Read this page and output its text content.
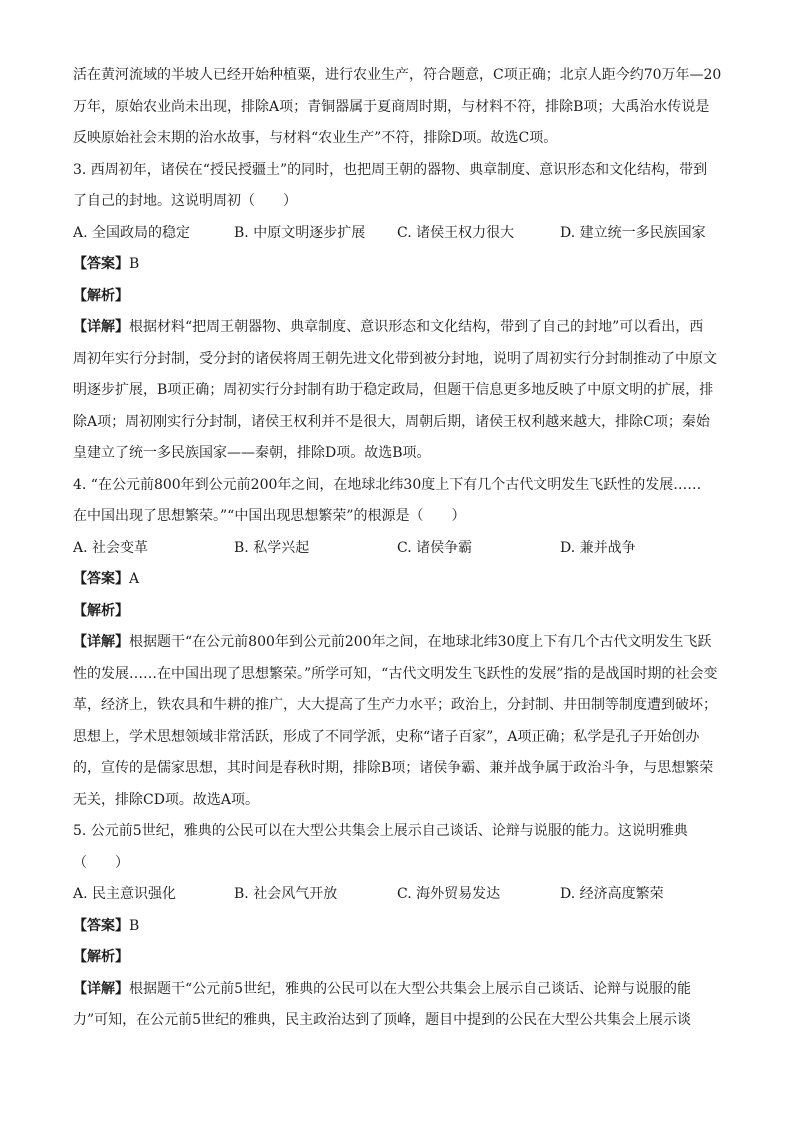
活在黄河流域的半坡人已经开始种植粟，进行农业生产，符合题意，C项正确；北京人距今约70万年—20

万年，原始农业尚未出现，排除A项；青铜器属于夏商周时期，与材料不符，排除B项；大禹治水传说是

反映原始社会末期的治水故事，与材料“农业生产”不符，排除D项。故选C项。

3. 西周初年，诸侯在“授民授疆土”的同时，也把周王朝的器物、典章制度、意识形态和文化结构，带到

了自己的封地。这说明周初（　　）

A. 全国政局的稳定	B. 中原文明逐步扩展	C. 诸侯王权力很大	D. 建立统一多民族国家
【答案】B
【解析】

【详解】根据材料“把周王朝器物、典章制度、意识形态和文化结构，带到了自己的封地”可以看出，西

周初年实行分封制，受分封的诸侯将周王朝先进文化带到被分封地，说明了周初实行分封制推动了中原文

明逐步扩展，B项正确；周初实行分封制有助于稳定政局，但题干信息更多地反映了中原文明的扩展，排

除A项；周初刚实行分封制，诸侯王权利并不是很大，周朝后期，诸侯王权利越来越大，排除C项；秦始

皇建立了统一多民族国家——秦朝，排除D项。故选B项。

4. “在公元前800年到公元前200年之间，在地球北纬30度上下有几个古代文明发生飞跃性的发展……

在中国出现了思想繁荣。”“中国出现思想繁荣”的根源是（　　）

A. 社会变革	B. 私学兴起	C. 诸侯争霸	D. 兼并战争
【答案】A
【解析】

【详解】根据题干“在公元前800年到公元前200年之间，在地球北纬30度上下有几个古代文明发生飞跃

性的发展……在中国出现了思想繁荣。”所学可知，“古代文明发生飞跃性的发展”指的是战国时期的社会变

革，经济上，铁农具和牛耕的推广，大大提高了生产力水平；政治上，分封制、井田制等制度遭到破坏；

思想上，学术思想领域非常活跃，形成了不同学派，史称“诸子百家”，A项正确；私学是孔子开始创办

的，宣传的是儒家思想，其时间是春秋时期，排除B项；诸侯争霸、兼并战争属于政治斗争，与思想繁荣

无关，排除CD项。故选A项。

5. 公元前5世纪，雅典的公民可以在大型公共集会上展示自己谈话、论辩与说服的能力。这说明雅典

（　　）

A. 民主意识强化	B. 社会风气开放	C. 海外贸易发达	D. 经济高度繁荣
【答案】B
【解析】

【详解】根据题干“公元前5世纪，雅典的公民可以在大型公共集会上展示自己谈话、论辩与说服的能

力”可知，在公元前5世纪的雅典，民主政治达到了顶峰，题目中提到的公民在大型公共集会上展示谈
